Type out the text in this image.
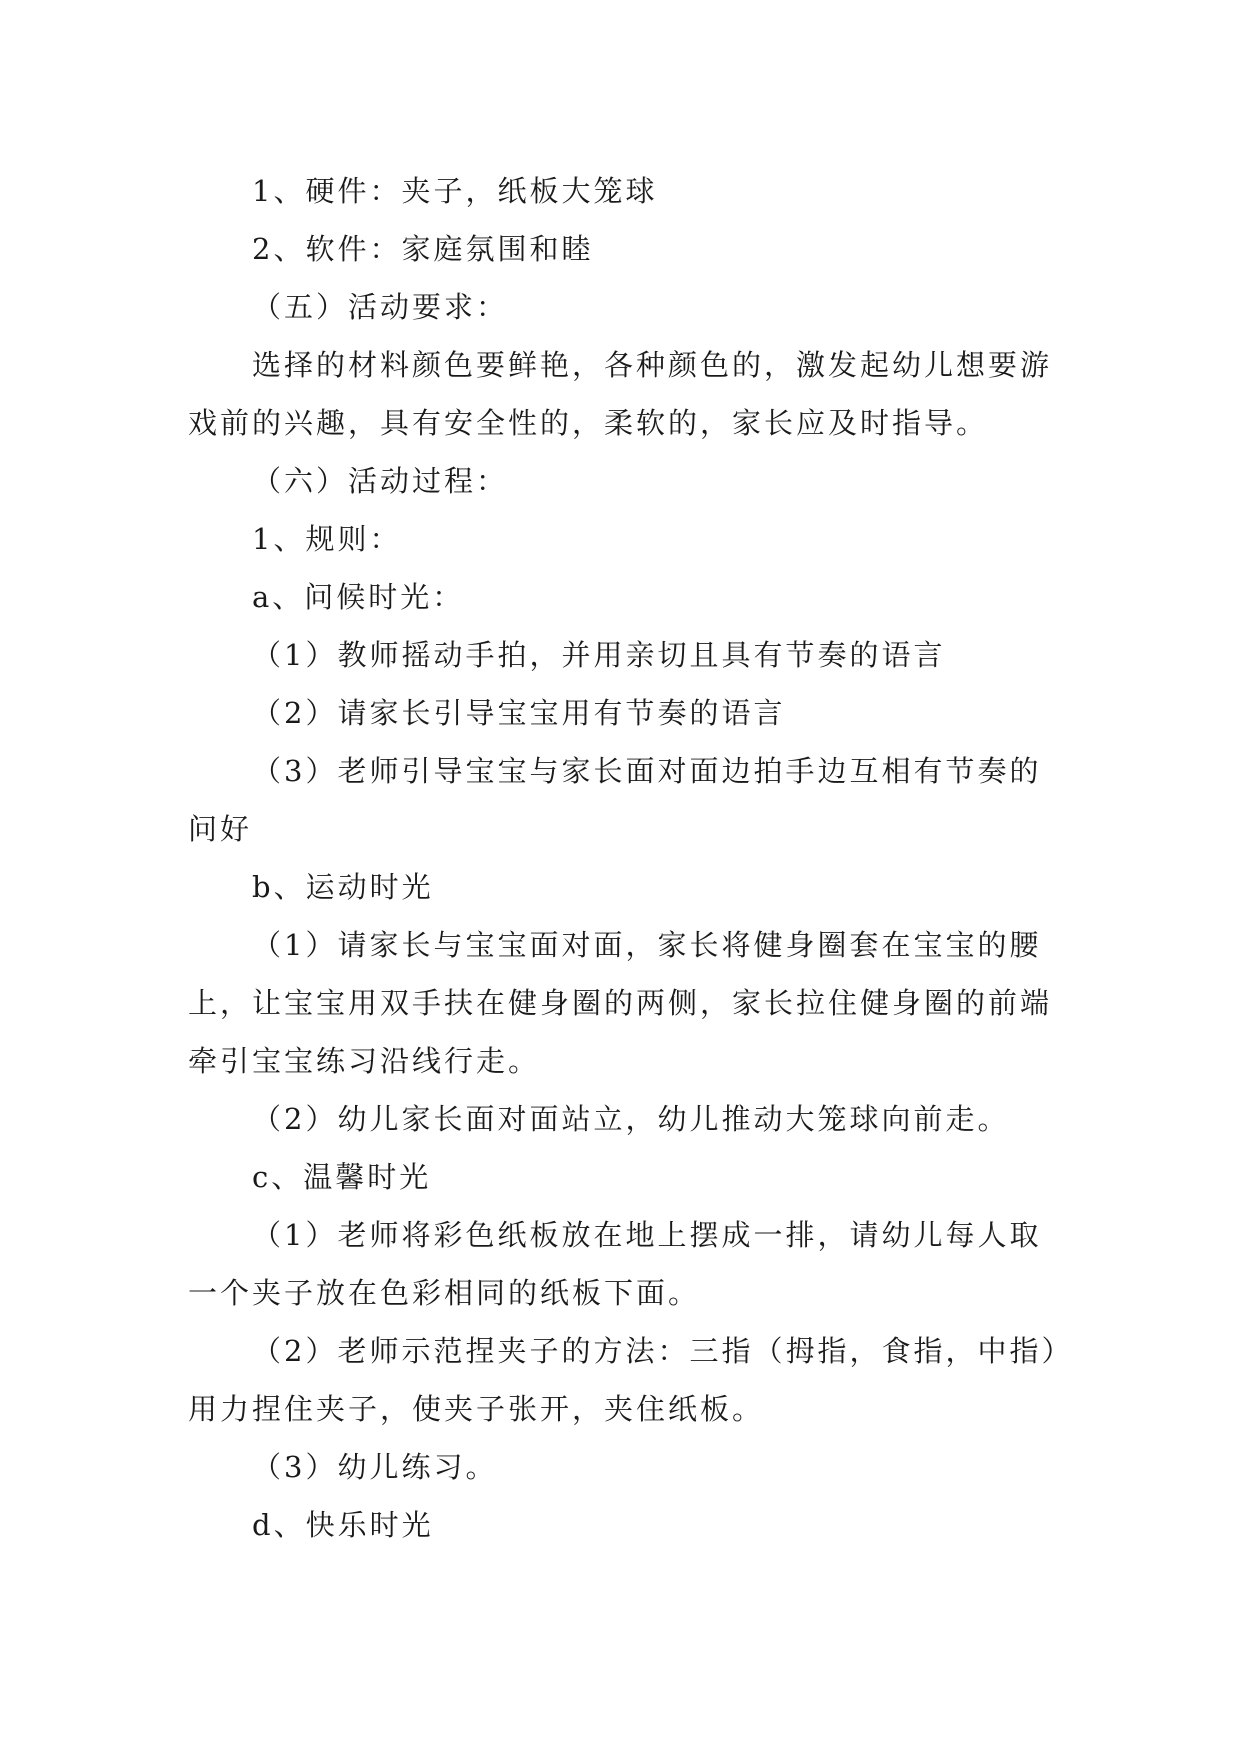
1、硬件：夹子，纸板大笼球

2、软件：家庭氛围和睦

（五）活动要求：

选择的材料颜色要鲜艳，各种颜色的，激发起幼儿想要游戏前的兴趣，具有安全性的，柔软的，家长应及时指导。

（六）活动过程：

1、规则：

a、问候时光：

（1）教师摇动手拍，并用亲切且具有节奏的语言

（2）请家长引导宝宝用有节奏的语言

（3）老师引导宝宝与家长面对面边拍手边互相有节奏的问好

b、运动时光

（1）请家长与宝宝面对面，家长将健身圈套在宝宝的腰上，让宝宝用双手扶在健身圈的两侧，家长拉住健身圈的前端牵引宝宝练习沿线行走。

（2）幼儿家长面对面站立，幼儿推动大笼球向前走。

c、温馨时光

（1）老师将彩色纸板放在地上摆成一排，请幼儿每人取一个夹子放在色彩相同的纸板下面。

（2）老师示范捏夹子的方法：三指（拇指，食指，中指）用力捏住夹子，使夹子张开，夹住纸板。

（3）幼儿练习。

d、快乐时光
